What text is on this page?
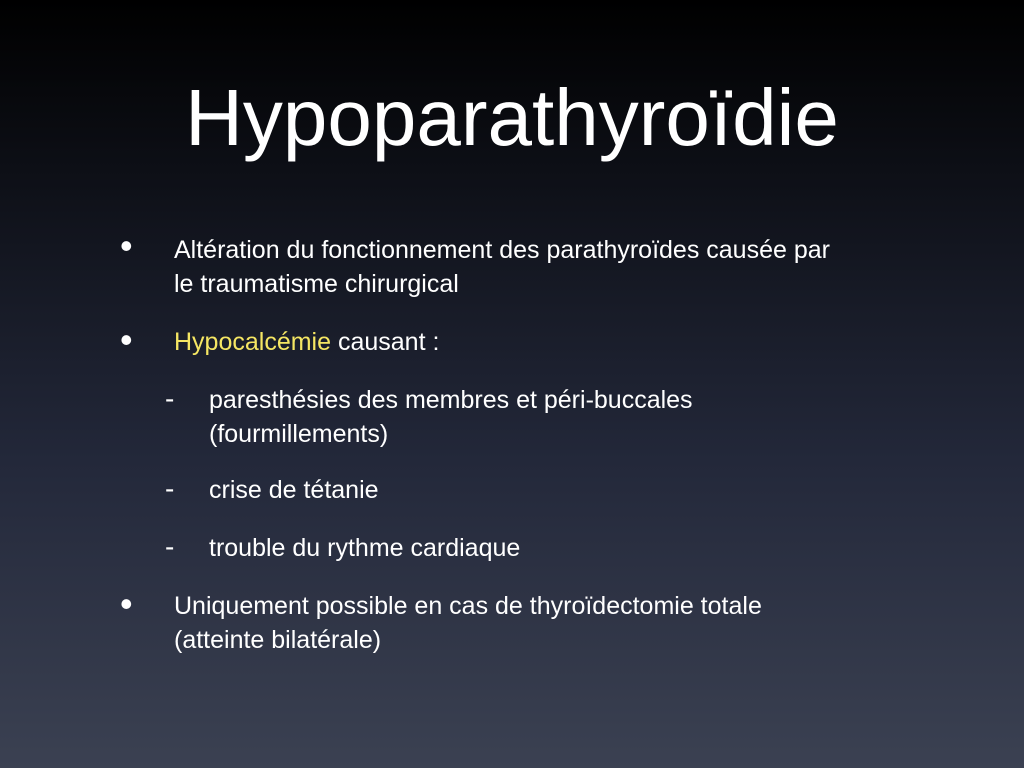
Hypoparathyroïdie
• Altération du fonctionnement des parathyroïdes causée par
le traumatisme chirurgical
• Hypocalcémie causant :
- paresthésies des membres et péri-buccales
(fourmillements)
- crise de tétanie
- trouble du rythme cardiaque
• Uniquement possible en cas de thyroïdectomie totale
(atteinte bilatérale)
